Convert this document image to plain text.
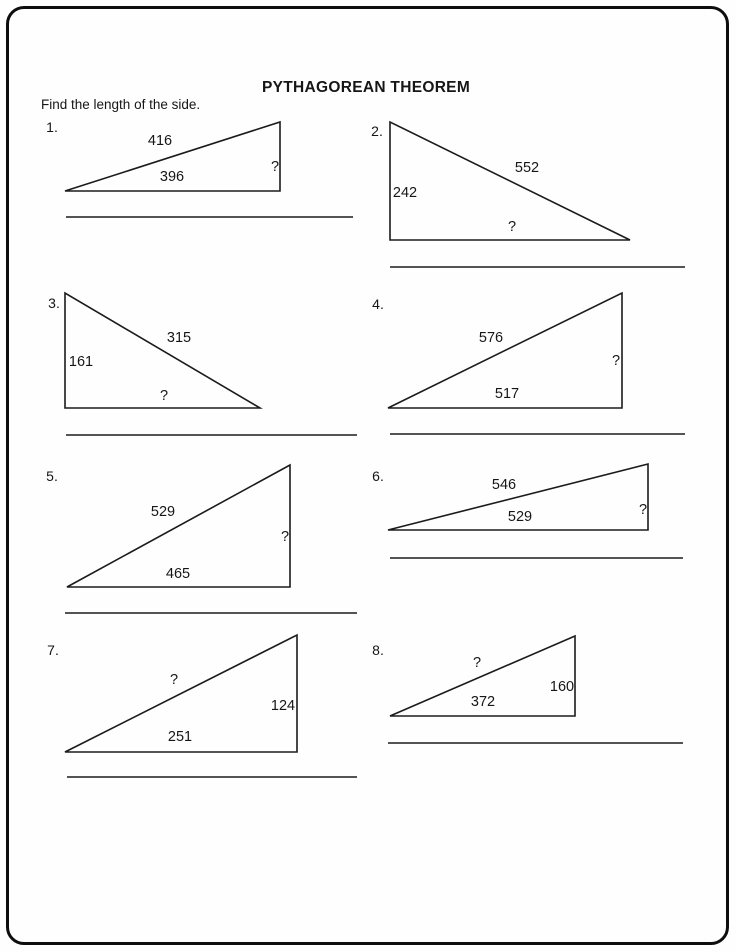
PYTHAGOREAN THEOREM
Find the length of the side.
1.
416
396
?
2.
552
242
?
3.
315
161
?
4.
576
517
?
5.
529
465
?
6.
546
529	?
7.
?
251
124
8.
?
372
160
